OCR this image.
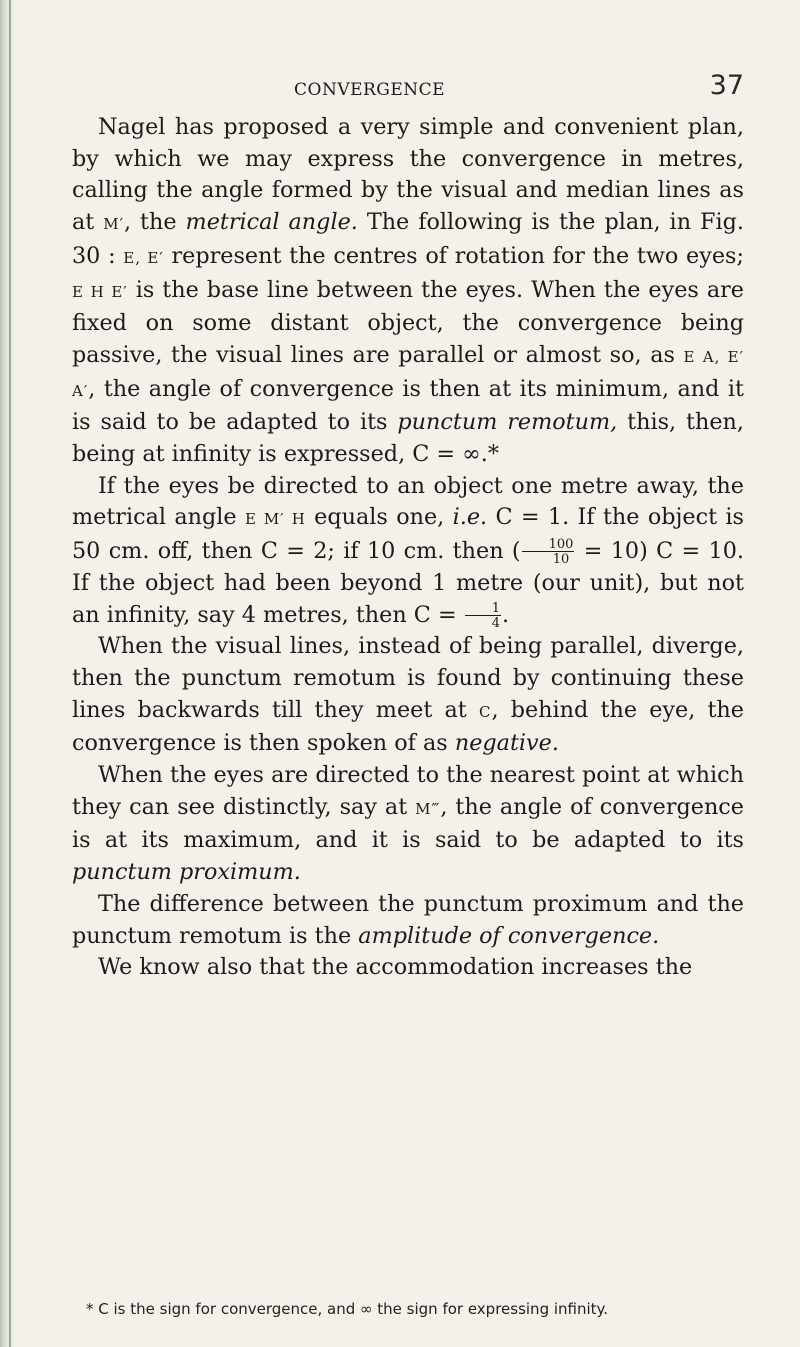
CONVERGENCE	37

Nagel has proposed a very simple and convenient plan, by which we may express the convergence in metres, calling the angle formed by the visual and median lines as at M′, the metrical angle. The following is the plan, in Fig. 30 : E, E′ represent the centres of rotation for the two eyes; E H E′ is the base line between the eyes. When the eyes are fixed on some distant object, the convergence being passive, the visual lines are parallel or almost so, as E A, E′ A′, the angle of convergence is then at its minimum, and it is said to be adapted to its punctum remotum, this, then, being at infinity is expressed, C = ∞.*

If the eyes be directed to an object one metre away, the metrical angle E M′ H equals one, i.e. C = 1. If the object is 50 cm. off, then C = 2; if 10 cm. then ( $\frac{100}{10} = 10$) C = 10. If the object had been beyond 1 metre (our unit), but not an infinity, say 4 metres, then $C = \frac{1}{4}$ .

When the visual lines, instead of being parallel, diverge, then the punctum remotum is found by continuing these lines backwards till they meet at C, behind the eye, the convergence is then spoken of as negative.

When the eyes are directed to the nearest point at which they can see distinctly, say at M‴, the angle of convergence is at its maximum, and it is said to be adapted to its punctum proximum.

The difference between the punctum proximum and the punctum remotum is the amplitude of convergence.

We know also that the accommodation increases the

* C is the sign for convergence, and ∞ the sign for expressing infinity.
